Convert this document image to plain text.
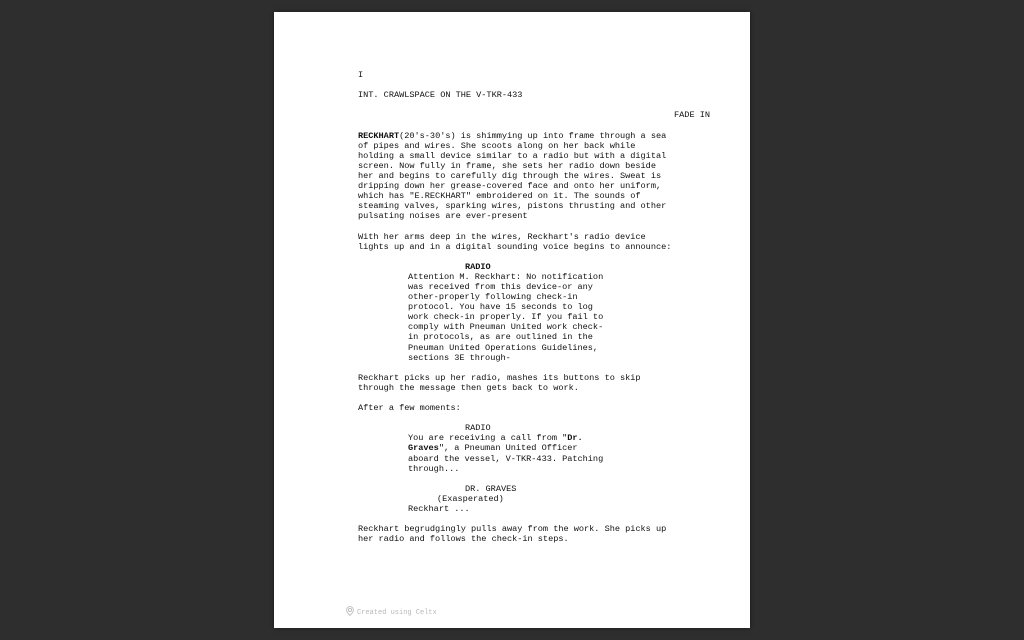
I
INT. CRAWLSPACE ON THE V-TKR-433
FADE IN
RECKHART(20's-30's) is shimmying up into frame through a sea
of pipes and wires. She scoots along on her back while
holding a small device similar to a radio but with a digital
screen. Now fully in frame, she sets her radio down beside
her and begins to carefully dig through the wires. Sweat is
dripping down her grease-covered face and onto her uniform,
which has "E.RECKHART" embroidered on it. The sounds of
steaming valves, sparking wires, pistons thrusting and other
pulsating noises are ever-present
With her arms deep in the wires, Reckhart's radio device
lights up and in a digital sounding voice begins to announce:
RADIO
Attention M. Reckhart: No notification
was received from this device-or any
other-properly following check-in
protocol. You have 15 seconds to log
work check-in properly. If you fail to
comply with Pneuman United work check-
in protocols, as are outlined in the
Pneuman United Operations Guidelines,
sections 3E through-
Reckhart picks up her radio, mashes its buttons to skip
through the message then gets back to work.
After a few moments:
RADIO
You are receiving a call from "Dr.
Graves", a Pneuman United Officer
aboard the vessel, V-TKR-433. Patching
through...
DR. GRAVES
(Exasperated)
Reckhart ...
Reckhart begrudgingly pulls away from the work. She picks up
her radio and follows the check-in steps.
Created using Celtx
